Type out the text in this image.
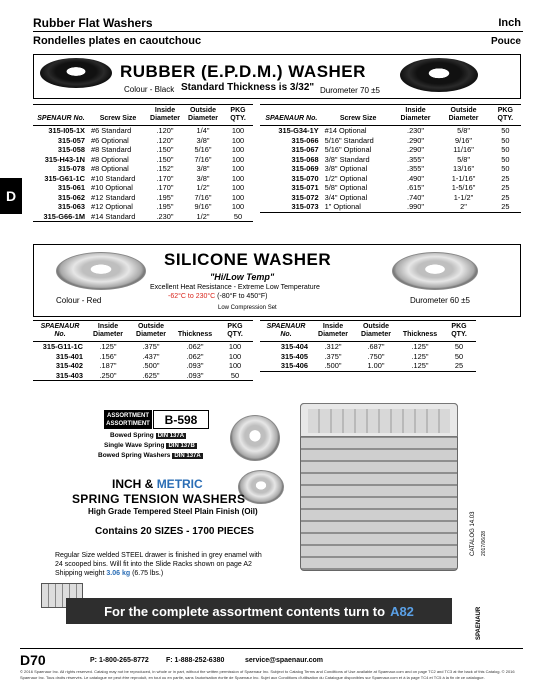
Rubber Flat Washers	Inch
Rondelles plates en caoutchouc	Pouce
D
RUBBER (E.P.D.M.) WASHER
Colour - Black Standard Thickness is 3/32" Durometer 70 ±5
SPENAUR No.	Screw Size	Inside Diameter	Outside Diameter	PKG QTY.
315-I05-1X	#6 Standard	.120"	1/4"	100
315-057	#6 Optional	.120"	3/8"	100
315-058	#8 Standard	.150"	5/16"	100
315-H43-1N	#8 Optional	.150"	7/16"	100
315-078	#8 Optional	.152"	3/8"	100
315-G61-1C	#10 Standard	.170"	3/8"	100
315-061	#10 Optional	.170"	1/2"	100
315-062	#12 Standard	.195"	7/16"	100
315-063	#12 Optional	.195"	9/16"	100
315-G66-1M	#14 Standard	.230"	1/2"	50
SPAENAUR No.	Screw Size	Inside Diameter	Outside Diameter	PKG QTY.
315-G34-1Y	#14 Optional	.230"	5/8"	50
315-066	5/16" Standard	.290"	9/16"	50
315-067	5/16" Optional	.290"	11/16"	50
315-068	3/8" Standard	.355"	5/8"	50
315-069	3/8" Optional	.355"	13/16"	50
315-070	1/2" Optional	.490"	1-1/16"	25
315-071	5/8" Optional	.615"	1-5/16"	25
315-072	3/4" Optional	.740"	1-1/2"	25
315-073	1" Optional	.990"	2"	25
SILICONE WASHER
"Hi/Low Temp"
Excellent Heat Resistance - Extreme Low Temperature
-62°C to 230°C (-80°F to 450°F)
Low Compression Set
Colour - Red	Durometer 60 ±5
SPAENAUR No.	Inside Diameter	Outside Diameter	Thickness	PKG QTY.
315-G11-1C	.125"	.375"	.062"	100
315-401	.156"	.437"	.062"	100
315-402	.187"	.500"	.093"	100
315-403	.250"	.625"	.093"	50
SPAENAUR No.	Inside Diameter	Outside Diameter	Thickness	PKG QTY.
315-404	.312"	.687"	.125"	50
315-405	.375"	.750"	.125"	50
315-406	.500"	1.00"	.125"	25
ASSORTMENT
ASSORTIMENT	B-598
Bowed Spring DIN 137A
Single Wave Spring DIN 137B
Bowed Spring Washers DIN 137A
INCH & METRIC
SPRING TENSION WASHERS
High Grade Tempered Steel Plain Finish (Oil)
Contains 20 SIZES - 1700 PIECES
Regular Size welded STEEL drawer is finished in grey enamel with
24 scooped bins. Will fit into the Slide Racks shown on page A2
Shipping weight 3.06 kg (6.75 lbs.)
For the complete assortment contents turn to A82
CATALOG 14.03 2017/06/28
SPAENAUR
D70	P: 1-800-265-8772 F: 1-888-252-6380	service@spaenaur.com
© 2016 Spaenaur Inc. All rights reserved. Catalog may not be reproduced, in whole or in part, without the written permission of Spaenaur Inc. Subject to Catalog Terms and Conditions of Use available at Spaenaur.com and on page TC2 and TC3 at the back of this Catalog. © 2016 Spaenaur Inc. Tous droits réservés. Le catalogue ne peut être reproduit, en tout ou en partie, sans l'autorisation écrite de Spaenaur Inc. Sujet aux Conditions d'utilisation du Catalogue disponibles sur Spaenaur.com et à la page TC4 et TC5 à la fin de ce catalogue.
